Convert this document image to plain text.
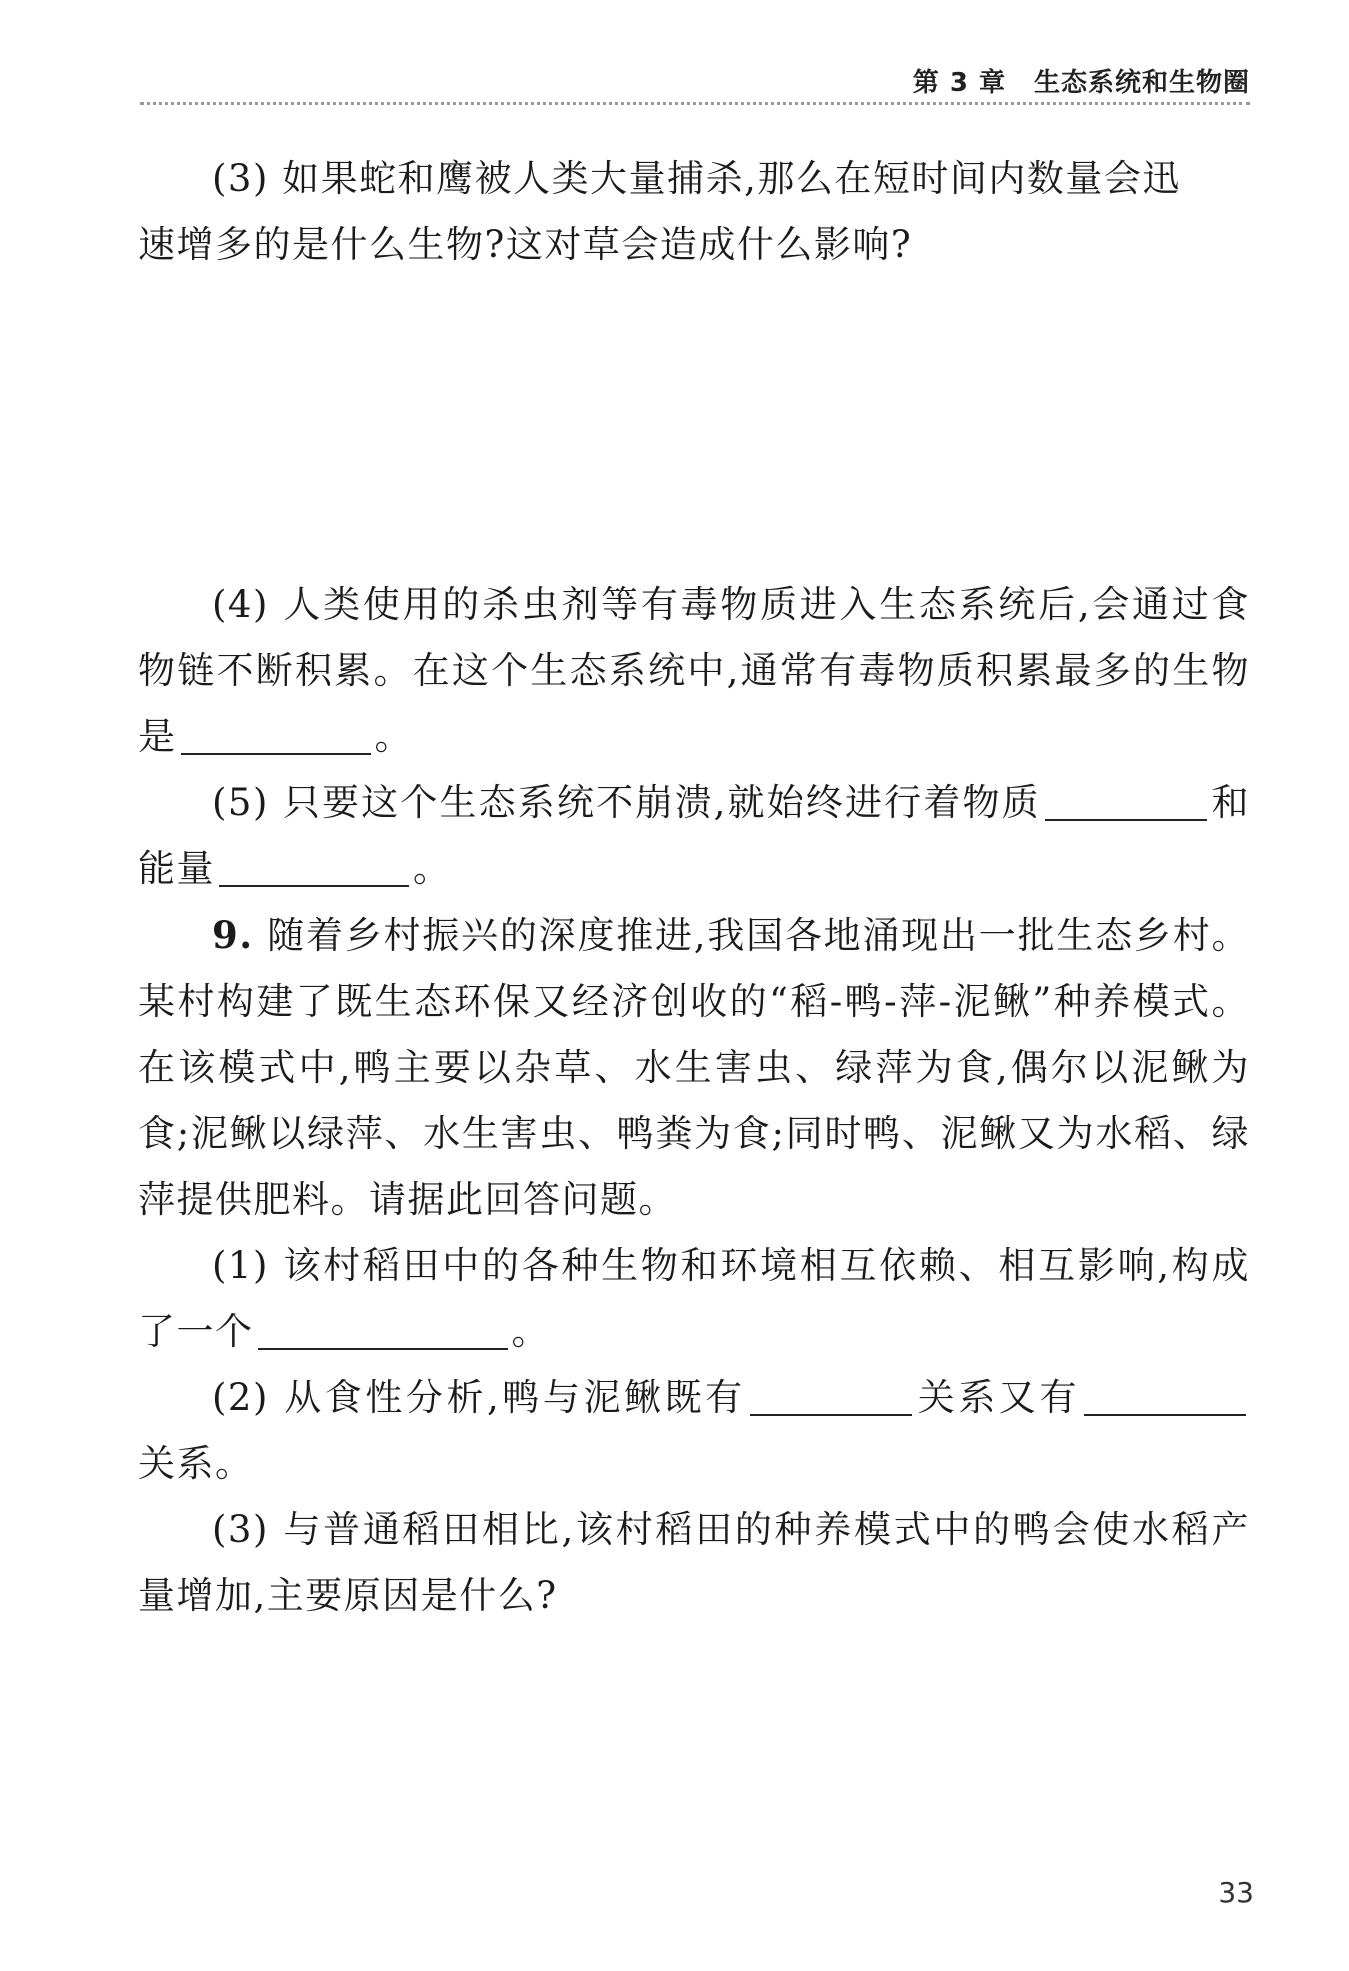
第 3 章 生态系统和生物圈

(3) 如果蛇和鹰被人类大量捕杀,那么在短时间内数量会迅
速增多的是什么生物?这对草会造成什么影响?

(4) 人类使用的杀虫剂等有毒物质进入生态系统后,会通过食物链不断积累。在这个生态系统中,通常有毒物质积累最多的生物是	。

(5) 只要这个生态系统不崩溃,就始终进行着物质	和能量	。

9. 随着乡村振兴的深度推进,我国各地涌现出一批生态乡村。某村构建了既生态环保又经济创收的“稻-鸭-萍-泥鳅”种养模式。在该模式中,鸭主要以杂草、水生害虫、绿萍为食,偶尔以泥鳅为食;泥鳅以绿萍、水生害虫、鸭粪为食;同时鸭、泥鳅又为水稻、绿萍提供肥料。请据此回答问题。

(1) 该村稻田中的各种生物和环境相互依赖、相互影响,构成了一个	。

(2) 从食性分析,鸭与泥鳅既有	关系又有关系。

(3) 与普通稻田相比,该村稻田的种养模式中的鸭会使水稻产量增加,主要原因是什么?

33
